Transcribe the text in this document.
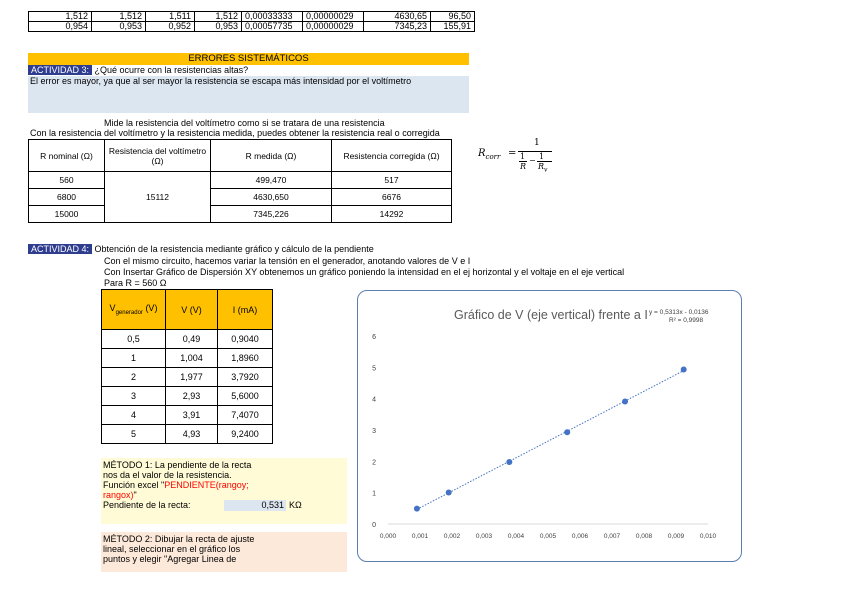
1,512	1,512	1,511	1,512	0,00033333	0,00000029	4630,65	96,50
0,954	0,953	0,952	0,953	0,00057735	0,00000029	7345,23	155,91
ERRORES SISTEMÁTICOS
ACTIVIDAD 3: ¿Qué ocurre con la resistencias altas?
El error es mayor, ya que al ser mayor la resistencia se escapa más intensidad por el voltímetro
Mide la resistencia del voltímetro como si se tratara de una resistencia
Con la resistencia del voltímetro y la resistencia medida, puedes obtener la resistencia real o corregida
R nominal (Ω)	Resistencia del voltímetro (Ω)	R medida (Ω)	Resistencia corregida (Ω)
560	15112	499,470	517
6800		4630,650	6676
15000		7345,226	14292
$R_{corr}$ =
1
1
R
− 1
$R_v$
ACTIVIDAD 4: Obtención de la resistencia mediante gráfico y cálculo de la pendiente
Con el mismo circuito, hacemos variar la tensión en el generador, anotando valores de V e I
Con Insertar Gráfico de Dispersión XY obtenemos un gráfico poniendo la intensidad en el ej horizontal y el voltaje en el eje vertical
Para R = 560 Ω
$V_{generador}$ (V)	V (V)	I (mA)
0,5	0,49	0,9040
1	1,004	1,8960
2	1,977	3,7920
3	2,93	5,6000
4	3,91	7,4070
5	4,93	9,2400
MÉTODO 1: La pendiente de la recta
nos da el valor de la resistencia.
Función excel "PENDIENTE(rangoy;
rangox)"
Pendiente de la recta:	0,531 KΩ
MÉTODO 2: Dibujar la recta de ajuste
lineal, seleccionar en el gráfico los
puntos y elegir "Agregar Linea de
Gráfico de V (eje vertical) frente a I y = 0,5313x - 0,0136
R² = 0,9998
0
1
2
3
4
5
6
0,000 0,001 0,002 0,003 0,004 0,005 0,006 0,007 0,008 0,009 0,010
